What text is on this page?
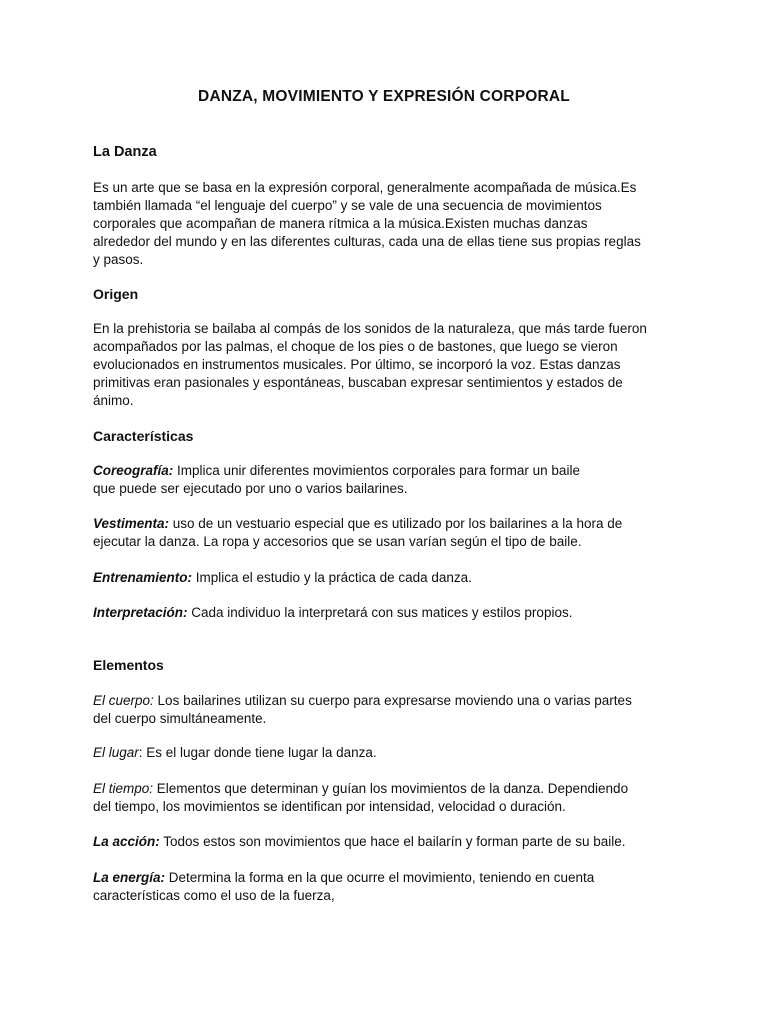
DANZA, MOVIMIENTO Y EXPRESIÓN CORPORAL
La Danza
Es un arte que se basa en la expresión corporal, generalmente acompañada de música.Es
también llamada “el lenguaje del cuerpo” y se vale de una secuencia de movimientos
corporales que acompañan de manera rítmica a la música.Existen muchas danzas
alrededor del mundo y en las diferentes culturas, cada una de ellas tiene sus propias reglas
y pasos.
Origen
En la prehistoria se bailaba al compás de los sonidos de la naturaleza, que más tarde fueron
acompañados por las palmas, el choque de los pies o de bastones, que luego se vieron
evolucionados en instrumentos musicales. Por último, se incorporó la voz. Estas danzas
primitivas eran pasionales y espontáneas, buscaban expresar sentimientos y estados de
ánimo.
Características
Coreografía: Implica unir diferentes movimientos corporales para formar un baile
que puede ser ejecutado por uno o varios bailarines.
Vestimenta: uso de un vestuario especial que es utilizado por los bailarines a la hora de
ejecutar la danza. La ropa y accesorios que se usan varían según el tipo de baile.
Entrenamiento: Implica el estudio y la práctica de cada danza.
Interpretación: Cada individuo la interpretará con sus matices y estilos propios.
Elementos
El cuerpo: Los bailarines utilizan su cuerpo para expresarse moviendo una o varias partes
del cuerpo simultáneamente.
El lugar: Es el lugar donde tiene lugar la danza.
El tiempo: Elementos que determinan y guían los movimientos de la danza. Dependiendo
del tiempo, los movimientos se identifican por intensidad, velocidad o duración.
La acción: Todos estos son movimientos que hace el bailarín y forman parte de su baile.
La energía: Determina la forma en la que ocurre el movimiento, teniendo en cuenta
características como el uso de la fuerza,
